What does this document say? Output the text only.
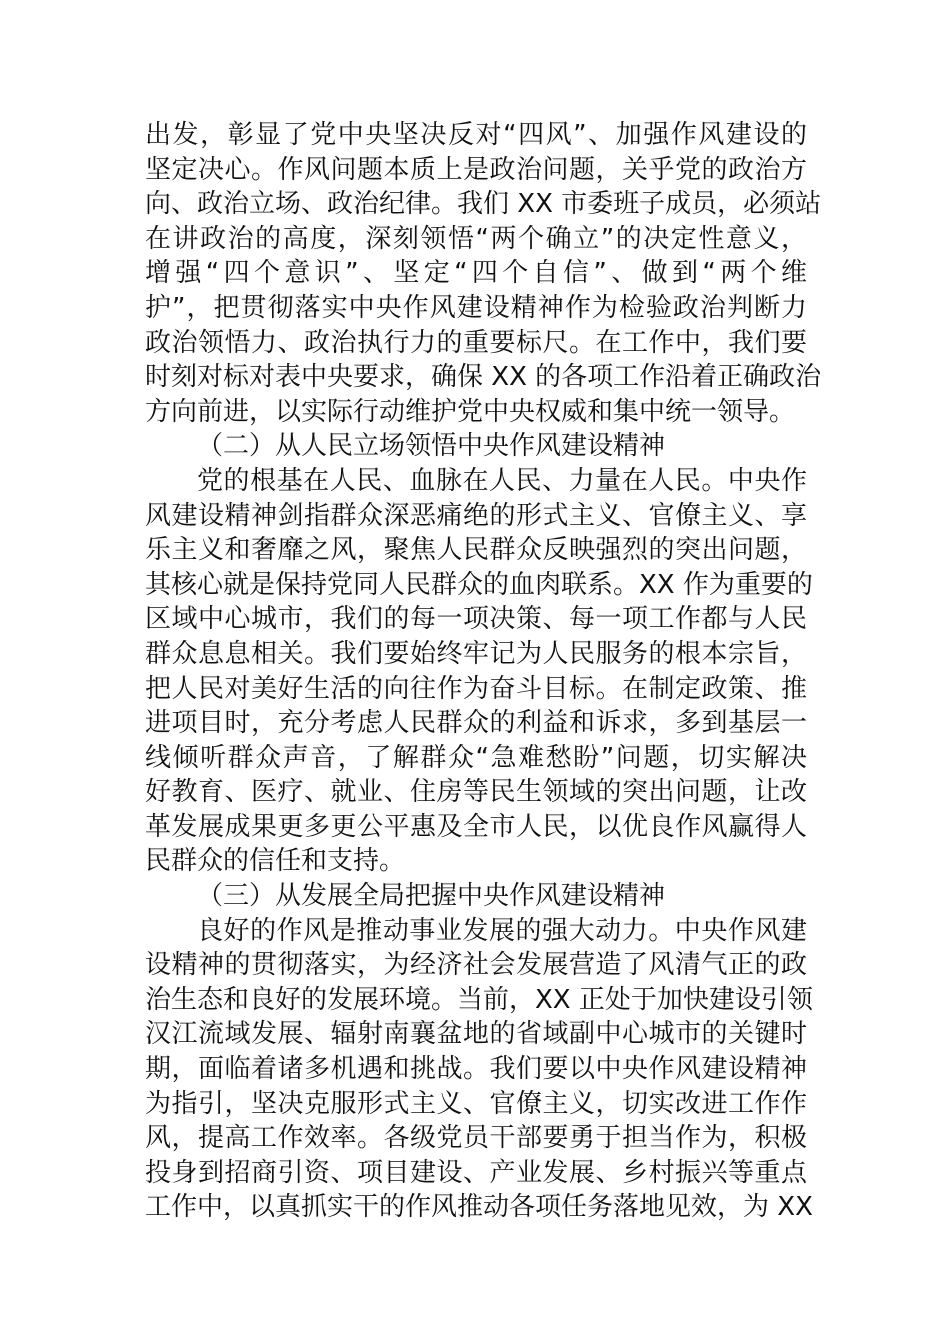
出发，彰显了党中央坚决反对“四风”、加强作风建设的
坚定决心。作风问题本质上是政治问题，关乎党的政治方
向、政治立场、政治纪律。我们 XX 市委班子成员，必须站
在讲政治的高度，深刻领悟“两个确立”的决定性意义，
增强“四个意识”、坚定“四个自信”、做到“两个维
护”，把贯彻落实中央作风建设精神作为检验政治判断力
政治领悟力、政治执行力的重要标尺。在工作中，我们要
时刻对标对表中央要求，确保 XX 的各项工作沿着正确政治
方向前进，以实际行动维护党中央权威和集中统一领导。
（二）从人民立场领悟中央作风建设精神
党的根基在人民、血脉在人民、力量在人民。中央作
风建设精神剑指群众深恶痛绝的形式主义、官僚主义、享
乐主义和奢靡之风，聚焦人民群众反映强烈的突出问题，
其核心就是保持党同人民群众的血肉联系。XX 作为重要的
区域中心城市，我们的每一项决策、每一项工作都与人民
群众息息相关。我们要始终牢记为人民服务的根本宗旨，
把人民对美好生活的向往作为奋斗目标。在制定政策、推
进项目时，充分考虑人民群众的利益和诉求，多到基层一
线倾听群众声音，了解群众“急难愁盼”问题，切实解决
好教育、医疗、就业、住房等民生领域的突出问题，让改
革发展成果更多更公平惠及全市人民，以优良作风赢得人
民群众的信任和支持。
（三）从发展全局把握中央作风建设精神
良好的作风是推动事业发展的强大动力。中央作风建
设精神的贯彻落实，为经济社会发展营造了风清气正的政
治生态和良好的发展环境。当前，XX 正处于加快建设引领
汉江流域发展、辐射南襄盆地的省域副中心城市的关键时
期，面临着诸多机遇和挑战。我们要以中央作风建设精神
为指引，坚决克服形式主义、官僚主义，切实改进工作作
风，提高工作效率。各级党员干部要勇于担当作为，积极
投身到招商引资、项目建设、产业发展、乡村振兴等重点
工作中，以真抓实干的作风推动各项任务落地见效，为 XX
